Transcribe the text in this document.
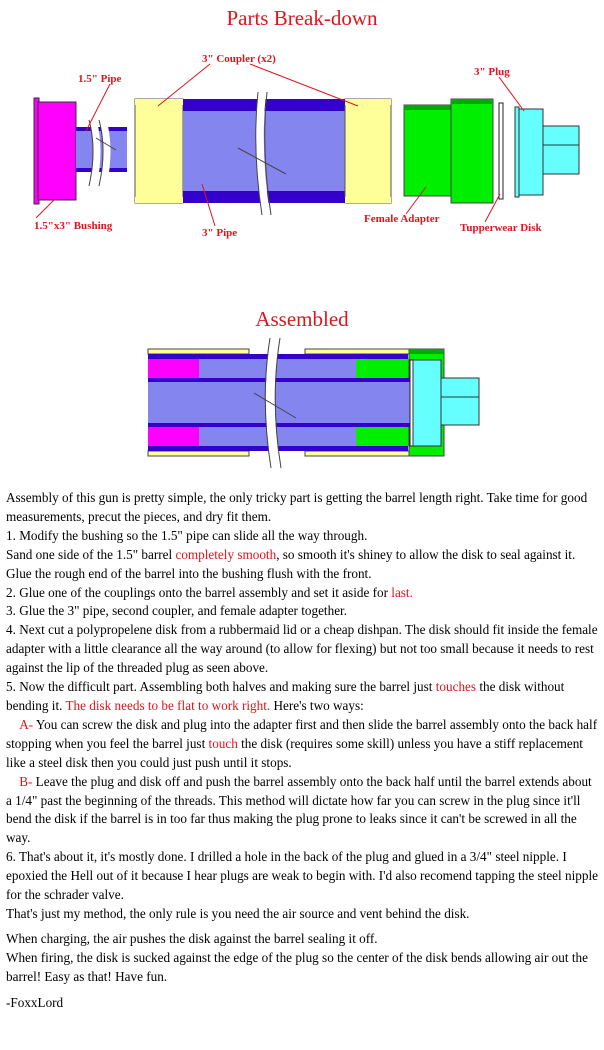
Parts Break-down
1.5" Pipe
3" Coupler (x2)
3" Plug
1.5"x3" Bushing
3" Pipe
Female Adapter
Tupperwear Disk
Assembled

Assembly of this gun is pretty simple, the only tricky part is getting the barrel length right. Take time for good measurements, precut the pieces, and dry fit them.

1. Modify the bushing so the 1.5" pipe can slide all the way through.

Sand one side of the 1.5" barrel completely smooth, so smooth it's shiney to allow the disk to seal against it. Glue the rough end of the barrel into the bushing flush with the front.

2. Glue one of the couplings onto the barrel assembly and set it aside for last.

3. Glue the 3" pipe, second coupler, and female adapter together.

4. Next cut a polypropelene disk from a rubbermaid lid or a cheap dishpan. The disk should fit inside the female adapter with a little clearance all the way around (to allow for flexing) but not too small because it needs to rest against the lip of the threaded plug as seen above.

5. Now the difficult part. Assembling both halves and making sure the barrel just touches the disk without bending it. The disk needs to be flat to work right. Here's two ways:

A- You can screw the disk and plug into the adapter first and then slide the barrel assembly onto the back half stopping when you feel the barrel just touch the disk (requires some skill) unless you have a stiff replacement like a steel disk then you could just push until it stops.

B- Leave the plug and disk off and push the barrel assembly onto the back half until the barrel extends about a 1/4" past the beginning of the threads. This method will dictate how far you can screw in the plug since it'll bend the disk if the barrel is in too far thus making the plug prone to leaks since it can't be screwed in all the way.

6. That's about it, it's mostly done. I drilled a hole in the back of the plug and glued in a 3/4" steel nipple. I epoxied the Hell out of it because I hear plugs are weak to begin with. I'd also recomend tapping the steel nipple for the schrader valve.

That's just my method, the only rule is you need the air source and vent behind the disk.

When charging, the air pushes the disk against the barrel sealing it off.

When firing, the disk is sucked against the edge of the plug so the center of the disk bends allowing air out the barrel! Easy as that! Have fun.

-FoxxLord
